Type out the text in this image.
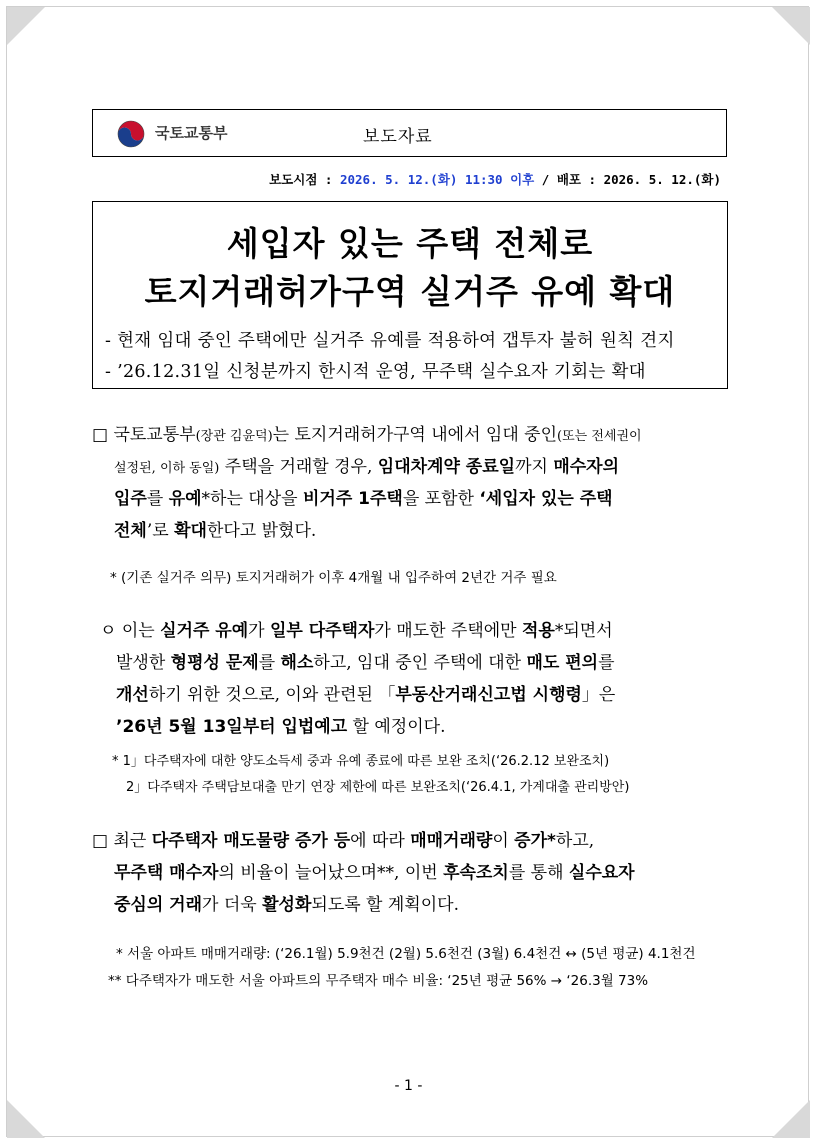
국토교통부	보도자료
보도시점 : 2026. 5. 12.(화) 11:30 이후 / 배포 : 2026. 5. 12.(화)
세입자 있는 주택 전체로
토지거래허가구역 실거주 유예 확대
- 현재 임대 중인 주택에만 실거주 유예를 적용하여 갭투자 불허 원칙 견지
- ’26.12.31일 신청분까지 한시적 운영, 무주택 실수요자 기회는 확대
□ 국토교통부(장관 김윤덕)는 토지거래허가구역 내에서 임대 중인(또는 전세권이
설정된, 이하 동일) 주택을 거래할 경우, 임대차계약 종료일까지 매수자의
입주를 유예*하는 대상을 비거주 1주택을 포함한 ‘세입자 있는 주택
전체’로 확대한다고 밝혔다.
* (기존 실거주 의무) 토지거래허가 이후 4개월 내 입주하여 2년간 거주 필요
ㅇ 이는 실거주 유예가 일부 다주택자가 매도한 주택에만 적용*되면서
발생한 형평성 문제를 해소하고, 임대 중인 주택에 대한 매도 편의를
개선하기 위한 것으로, 이와 관련된 「부동산거래신고법 시행령」은
’26년 5월 13일부터 입법예고 할 예정이다.
* 1」다주택자에 대한 양도소득세 중과 유예 종료에 따른 보완 조치(‘26.2.12 보완조치)
2」다주택자 주택담보대출 만기 연장 제한에 따른 보완조치(‘26.4.1, 가계대출 관리방안)
□ 최근 다주택자 매도물량 증가 등에 따라 매매거래량이 증가*하고,
무주택 매수자의 비율이 늘어났으며**, 이번 후속조치를 통해 실수요자
중심의 거래가 더욱 활성화되도록 할 계획이다.
* 서울 아파트 매매거래량: (‘26.1월) 5.9천건 (2월) 5.6천건 (3월) 6.4천건 ↔ (5년 평균) 4.1천건
** 다주택자가 매도한 서울 아파트의 무주택자 매수 비율: ‘25년 평균 56% → ‘26.3월 73%
- 1 -
